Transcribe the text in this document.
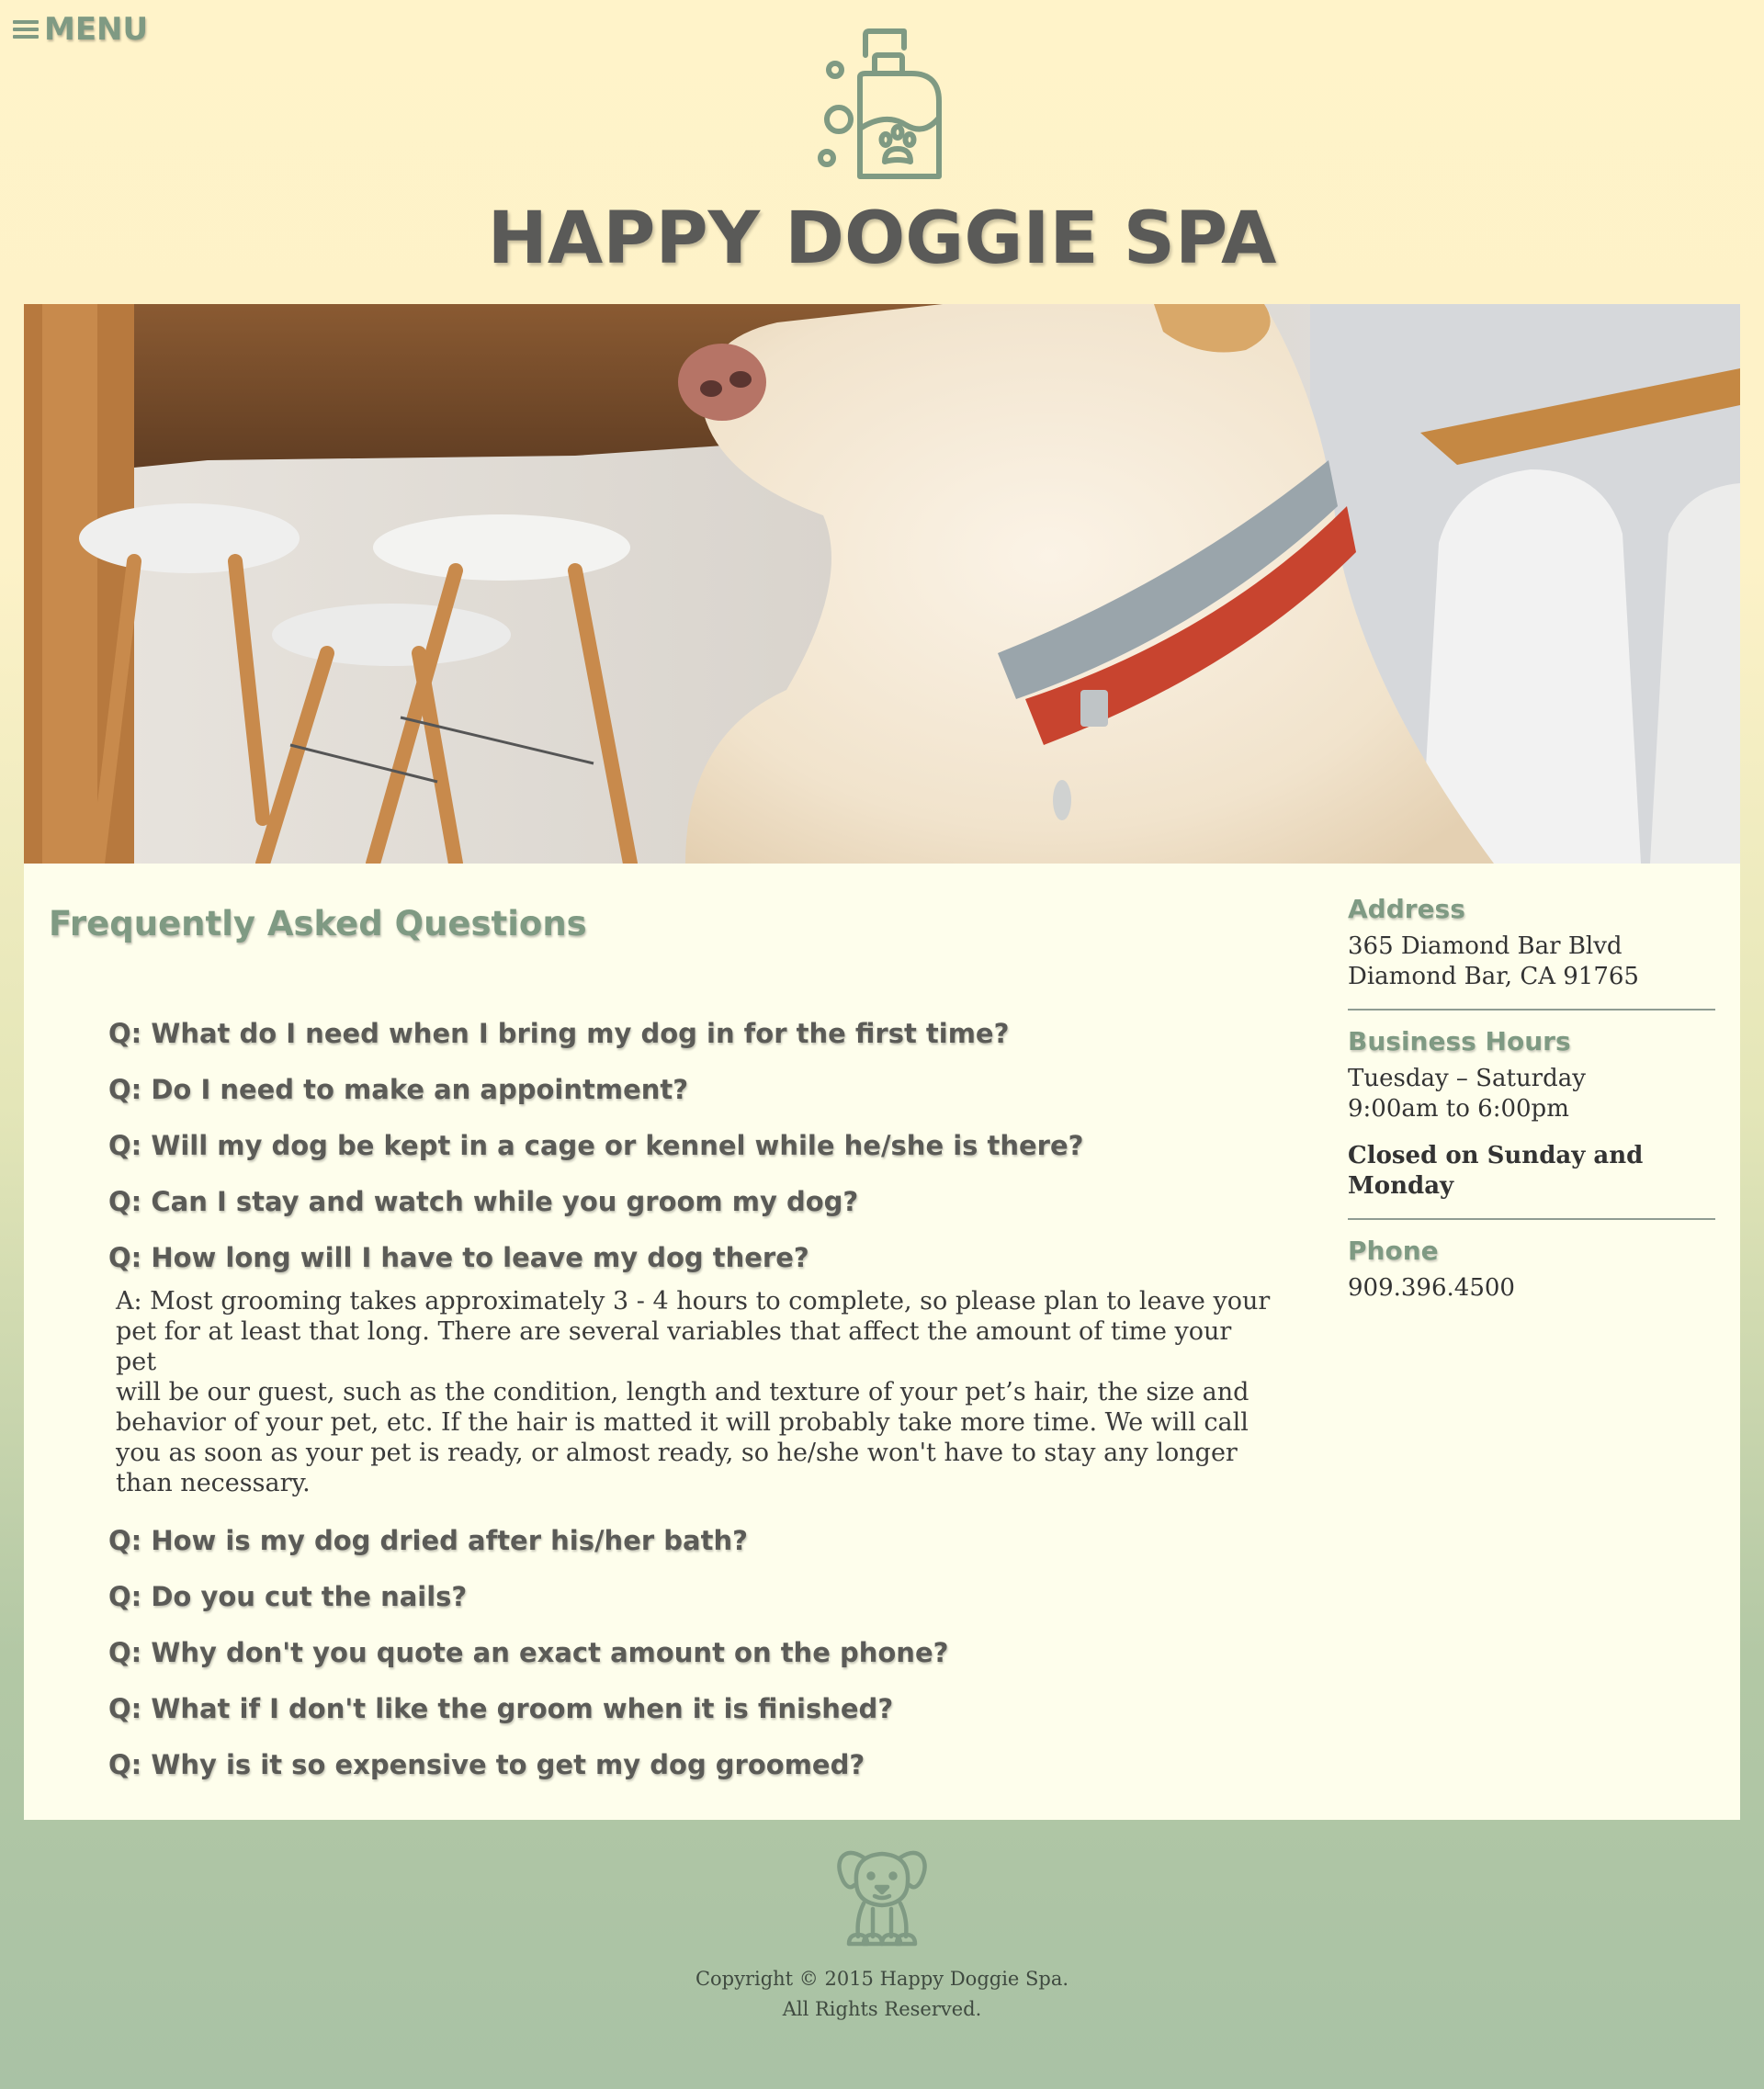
MENU
HAPPY DOGGIE SPA
Frequently Asked Questions
Q: What do I need when I bring my dog in for the first time?
Q: Do I need to make an appointment?
Q: Will my dog be kept in a cage or kennel while he/she is there?
Q: Can I stay and watch while you groom my dog?
Q: How long will I have to leave my dog there?
A: Most grooming takes approximately 3 - 4 hours to complete, so please plan to leave your
pet for at least that long. There are several variables that affect the amount of time your pet
will be our guest, such as the condition, length and texture of your pet’s hair, the size and
behavior of your pet, etc. If the hair is matted it will probably take more time. We will call
you as soon as your pet is ready, or almost ready, so he/she won't have to stay any longer
than necessary.
Q: How is my dog dried after his/her bath?
Q: Do you cut the nails?
Q: Why don't you quote an exact amount on the phone?
Q: What if I don't like the groom when it is finished?
Q: Why is it so expensive to get my dog groomed?
Address

365 Diamond Bar Blvd
Diamond Bar, CA 91765

Business Hours

Tuesday – Saturday
9:00am to 6:00pm

Closed on Sunday and Monday

Phone

909.396.4500

Copyright © 2015 Happy Doggie Spa.
All Rights Reserved.
